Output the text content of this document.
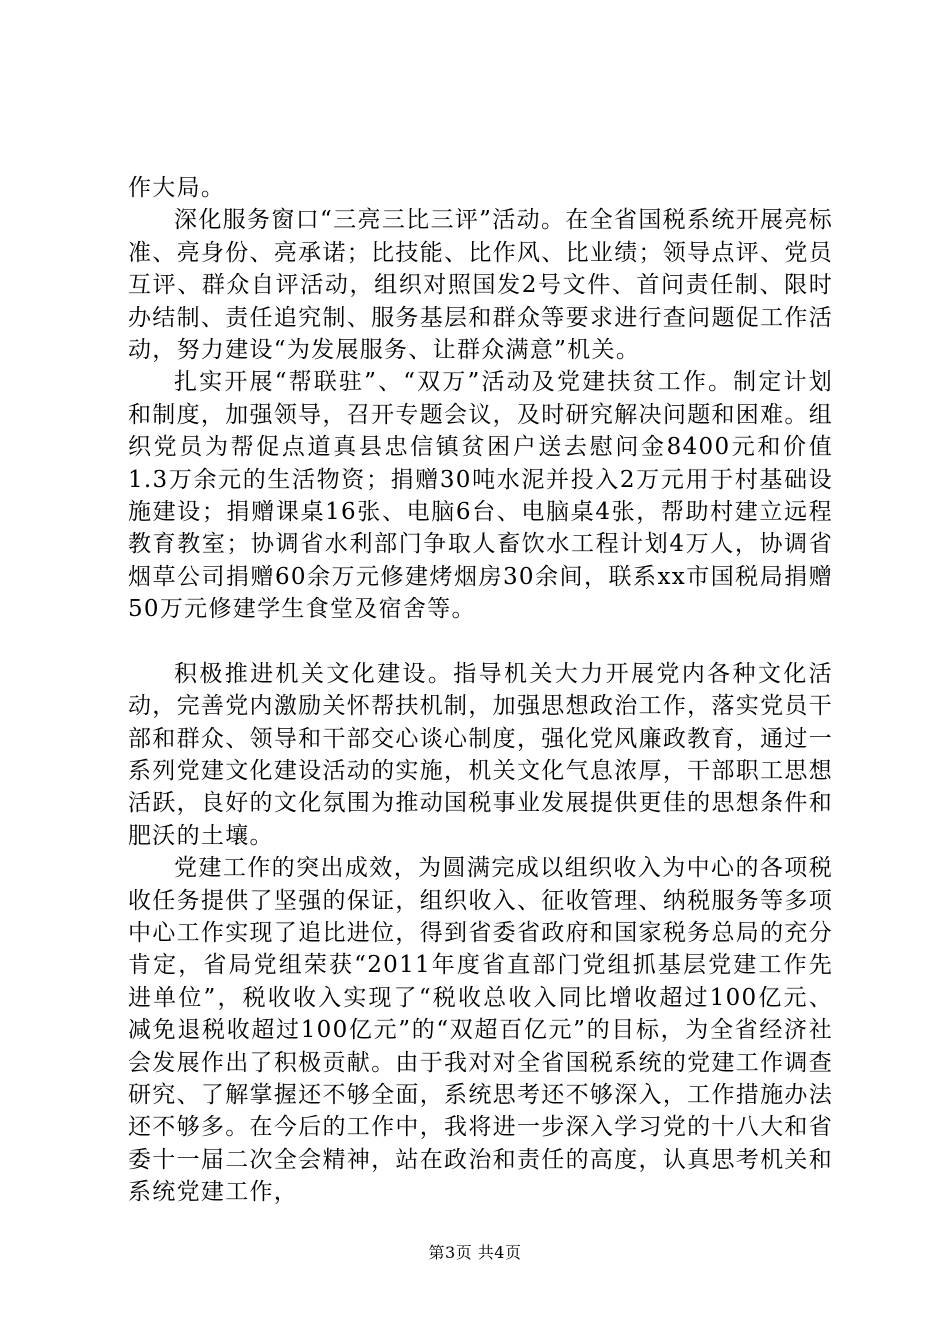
作大局。

深化服务窗口“三亮三比三评”活动。在全省国税系统开展亮标准、亮身份、亮承诺；比技能、比作风、比业绩；领导点评、党员互评、群众自评活动，组织对照国发2号文件、首问责任制、限时办结制、责任追究制、服务基层和群众等要求进行查问题促工作活动，努力建设“为发展服务、让群众满意”机关。

扎实开展“帮联驻”、“双万”活动及党建扶贫工作。制定计划和制度，加强领导，召开专题会议，及时研究解决问题和困难。组织党员为帮促点道真县忠信镇贫困户送去慰问金8400元和价值1.3万余元的生活物资；捐赠30吨水泥并投入2万元用于村基础设施建设；捐赠课桌16张、电脑6台、电脑桌4张，帮助村建立远程教育教室；协调省水利部门争取人畜饮水工程计划4万人，协调省烟草公司捐赠60余万元修建烤烟房30余间，联系xx市国税局捐赠50万元修建学生食堂及宿舍等。

积极推进机关文化建设。指导机关大力开展党内各种文化活动，完善党内激励关怀帮扶机制，加强思想政治工作，落实党员干部和群众、领导和干部交心谈心制度，强化党风廉政教育，通过一系列党建文化建设活动的实施，机关文化气息浓厚，干部职工思想活跃，良好的文化氛围为推动国税事业发展提供更佳的思想条件和肥沃的土壤。

党建工作的突出成效，为圆满完成以组织收入为中心的各项税收任务提供了坚强的保证，组织收入、征收管理、纳税服务等多项中心工作实现了追比进位，得到省委省政府和国家税务总局的充分肯定，省局党组荣获“2011年度省直部门党组抓基层党建工作先进单位”，税收收入实现了“税收总收入同比增收超过100亿元、减免退税收超过100亿元”的“双超百亿元”的目标，为全省经济社会发展作出了积极贡献。由于我对对全省国税系统的党建工作调查研究、了解掌握还不够全面，系统思考还不够深入，工作措施办法还不够多。在今后的工作中，我将进一步深入学习党的十八大和省委十一届二次全会精神，站在政治和责任的高度，认真思考机关和系统党建工作，

第3页 共4页
